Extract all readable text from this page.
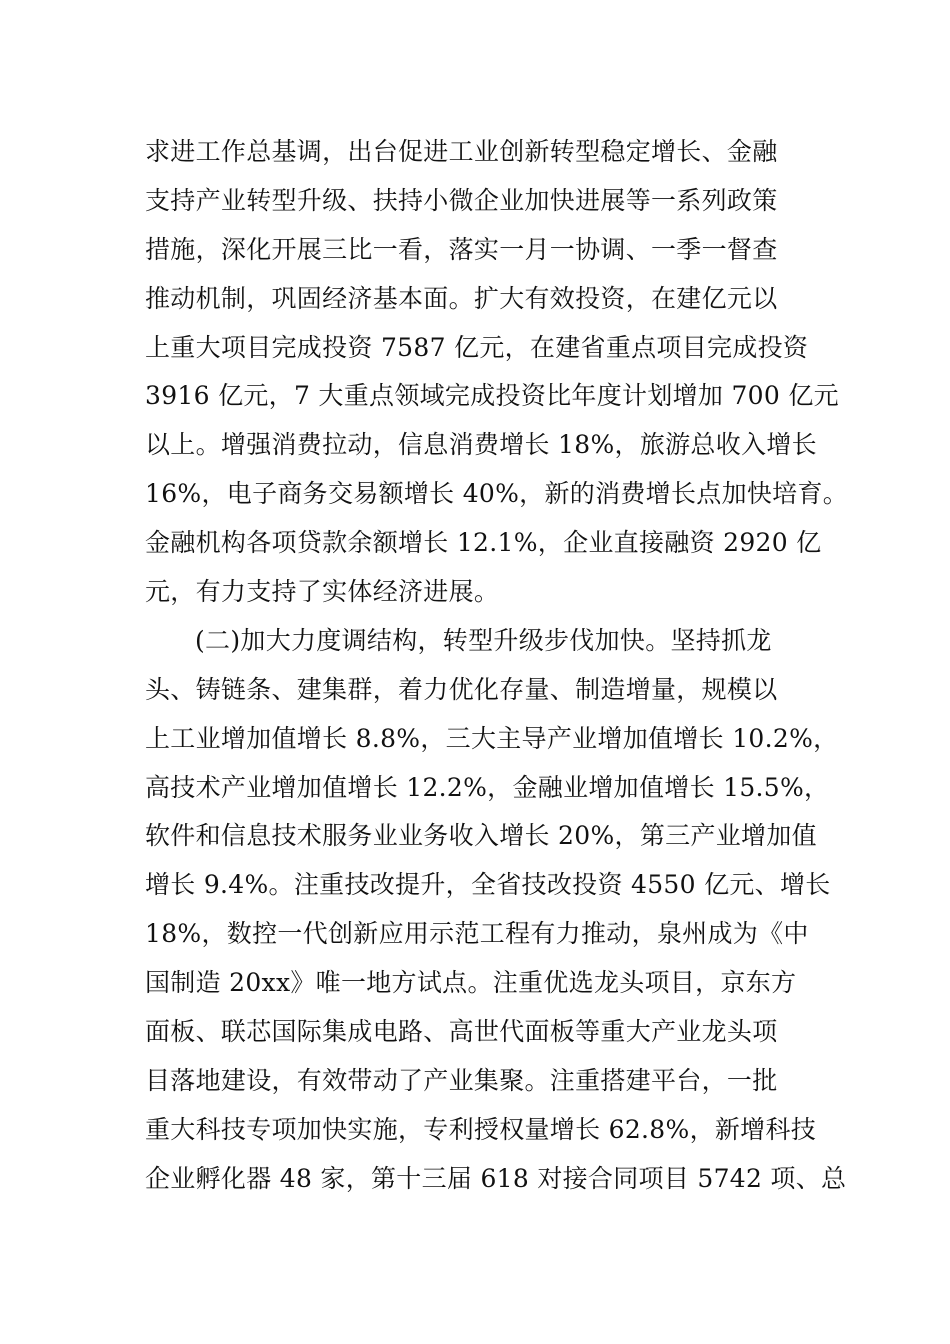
求进工作总基调，出台促进工业创新转型稳定增长、金融
支持产业转型升级、扶持小微企业加快进展等一系列政策
措施，深化开展三比一看，落实一月一协调、一季一督查
推动机制，巩固经济基本面。扩大有效投资，在建亿元以
上重大项目完成投资 7587 亿元，在建省重点项目完成投资
3916 亿元，7 大重点领域完成投资比年度计划增加 700 亿元
以上。增强消费拉动，信息消费增长 18%，旅游总收入增长
16%，电子商务交易额增长 40%，新的消费增长点加快培育。
金融机构各项贷款余额增长 12.1%，企业直接融资 2920 亿
元，有力支持了实体经济进展。
(二)加大力度调结构，转型升级步伐加快。坚持抓龙
头、铸链条、建集群，着力优化存量、制造增量，规模以
上工业增加值增长 8.8%，三大主导产业增加值增长 10.2%，
高技术产业增加值增长 12.2%，金融业增加值增长 15.5%，
软件和信息技术服务业业务收入增长 20%，第三产业增加值
增长 9.4%。注重技改提升，全省技改投资 4550 亿元、增长
18%，数控一代创新应用示范工程有力推动，泉州成为《中
国制造 20xx》唯一地方试点。注重优选龙头项目，京东方
面板、联芯国际集成电路、高世代面板等重大产业龙头项
目落地建设，有效带动了产业集聚。注重搭建平台，一批
重大科技专项加快实施，专利授权量增长 62.8%，新增科技
企业孵化器 48 家，第十三届 618 对接合同项目 5742 项、总
